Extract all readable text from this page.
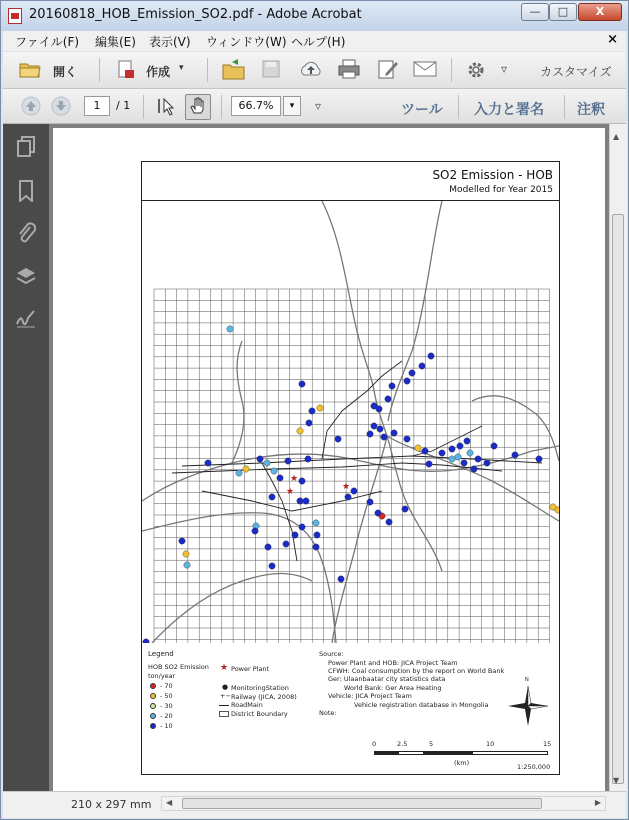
20160818_HOB_Emission_SO2.pdf - Adobe Acrobat	—	□	X
ファイル(F) 編集(E) 表示(V) ウィンドウ(W) ヘルプ(H)	×
開く	作成 ▾	▿	カスタマイズ
1	/ 1	66.7%	▾	▿	ツール 入力と署名 注釈
SO2 Emission - HOB
Modelled for Year 2015
★
★	★
Legend
HOB SO2 Emission
ton/year
- 70
- 50
- 30
- 20
- 10
★ Power Plant
● MonitoringStation
+− Railway (JICA, 2008)
RoadMain
District Boundary
Source:
Power Plant and HOB: JICA Project Team
CFWH: Coal consumption by the report on World Bank
Ger: Ulaanbaatar city statistics data
World Bank: Ger Area Heating
Vehicle: JICA Project Team
Vehicle registration database in Mongolia
Note:
N
0	2.5	5	10	15
(km)	1:250,000
▲
▼
210 x 297 mm ◀	▶
